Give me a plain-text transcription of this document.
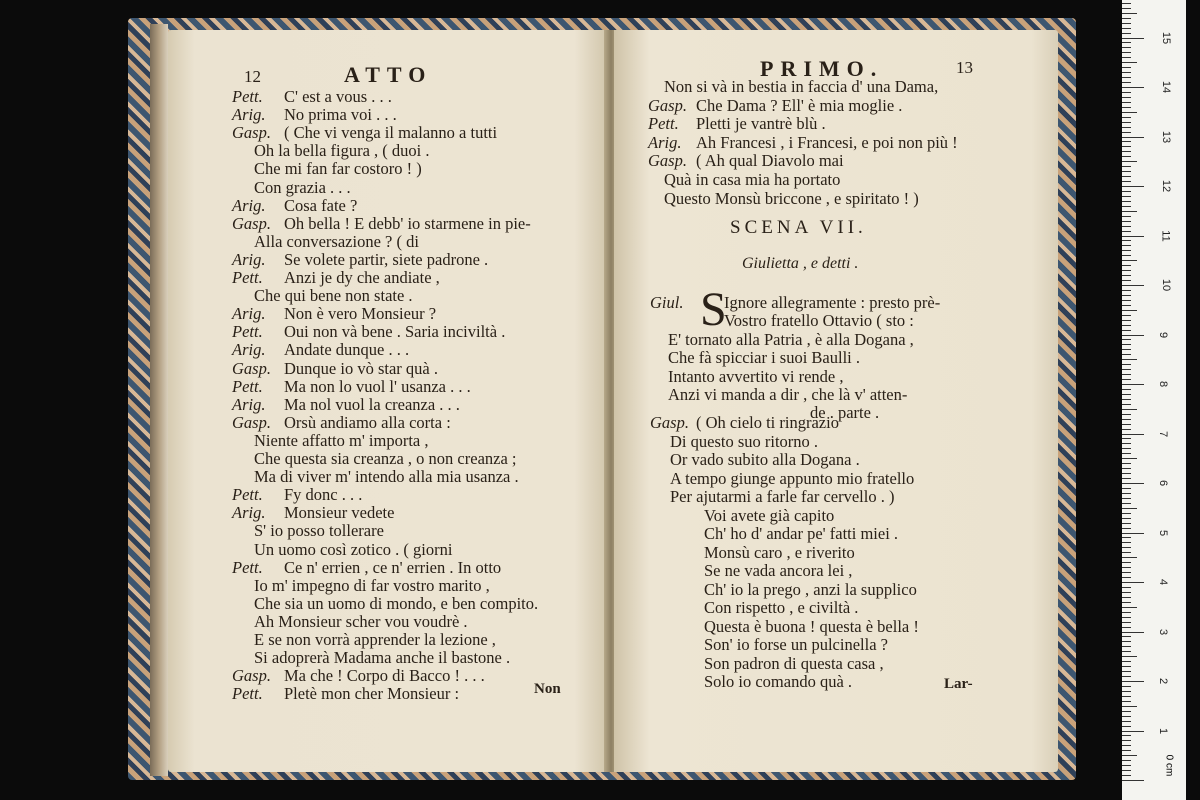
12	ATTO
Pett. C' est a vous . . .
Arig. No prima voi . . .
Gasp. ( Che vi venga il malanno a tutti
Oh la bella figura , ( duoi .
Che mi fan far costoro ! )
Con grazia . . .
Arig. Cosa fate ?
Gasp. Oh bella ! E debb' io starmene in pie-
Alla conversazione ? ( di
Arig. Se volete partir, siete padrone .
Pett. Anzi je dy che andiate ,
Che qui bene non state .
Arig. Non è vero Monsieur ?
Pett. Oui non và bene . Saria inciviltà .
Arig. Andate dunque . . .
Gasp. Dunque io vò star quà .
Pett. Ma non lo vuol l' usanza . . .
Arig. Ma nol vuol la creanza . . .
Gasp. Orsù andiamo alla corta :
Niente affatto m' importa ,
Che questa sia creanza , o non creanza ;
Ma di viver m' intendo alla mia usanza .
Pett. Fy donc . . .
Arig. Monsieur vedete
S' io posso tollerare
Un uomo così zotico . ( giorni
Pett. Ce n' errien , ce n' errien . In otto
Io m' impegno di far vostro marito ,
Che sia un uomo di mondo, e ben compito.
Ah Monsieur scher vou voudrè .
E se non vorrà apprender la lezione ,
Si adoprerà Madama anche il bastone .
Gasp. Ma che ! Corpo di Bacco ! . . .
Pett. Pletè mon cher Monsieur :	Non
PRIMO.	13
Non si và in bestia in faccia d' una Dama,
Gasp. Che Dama ? Ell' è mia moglie .
Pett. Pletti je vantrè blù .
Arig. Ah Francesi , i Francesi, e poi non più !
Gasp. ( Ah qual Diavolo mai
Quà in casa mia ha portato
Questo Monsù briccone , e spiritato ! )
SCENA VII.
Giulietta , e detti .
Giul. S
Ignore allegramente : presto prè-
Vostro fratello Ottavio ( sto :
E' tornato alla Patria , è alla Dogana ,
Che fà spicciar i suoi Baulli .
Intanto avvertito vi rende ,
Anzi vi manda a dir , che là v' atten-
de . parte .
Gasp. ( Oh cielo ti ringrazio
Di questo suo ritorno .
Or vado subito alla Dogana .
A tempo giunge appunto mio fratello
Per ajutarmi a farle far cervello . )
Voi avete già capito
Ch' ho d' andar pe' fatti miei .
Monsù caro , e riverito
Se ne vada ancora lei ,
Ch' io la prego , anzi la supplico
Con rispetto , e civiltà .
Questa è buona ! questa è bella !
Son' io forse un pulcinella ?
Son padron di questa casa ,
Solo io comando quà .	Lar-
15
14
13
12
11
10
9
8
7
6
5
4
3
2
1
0 cm
